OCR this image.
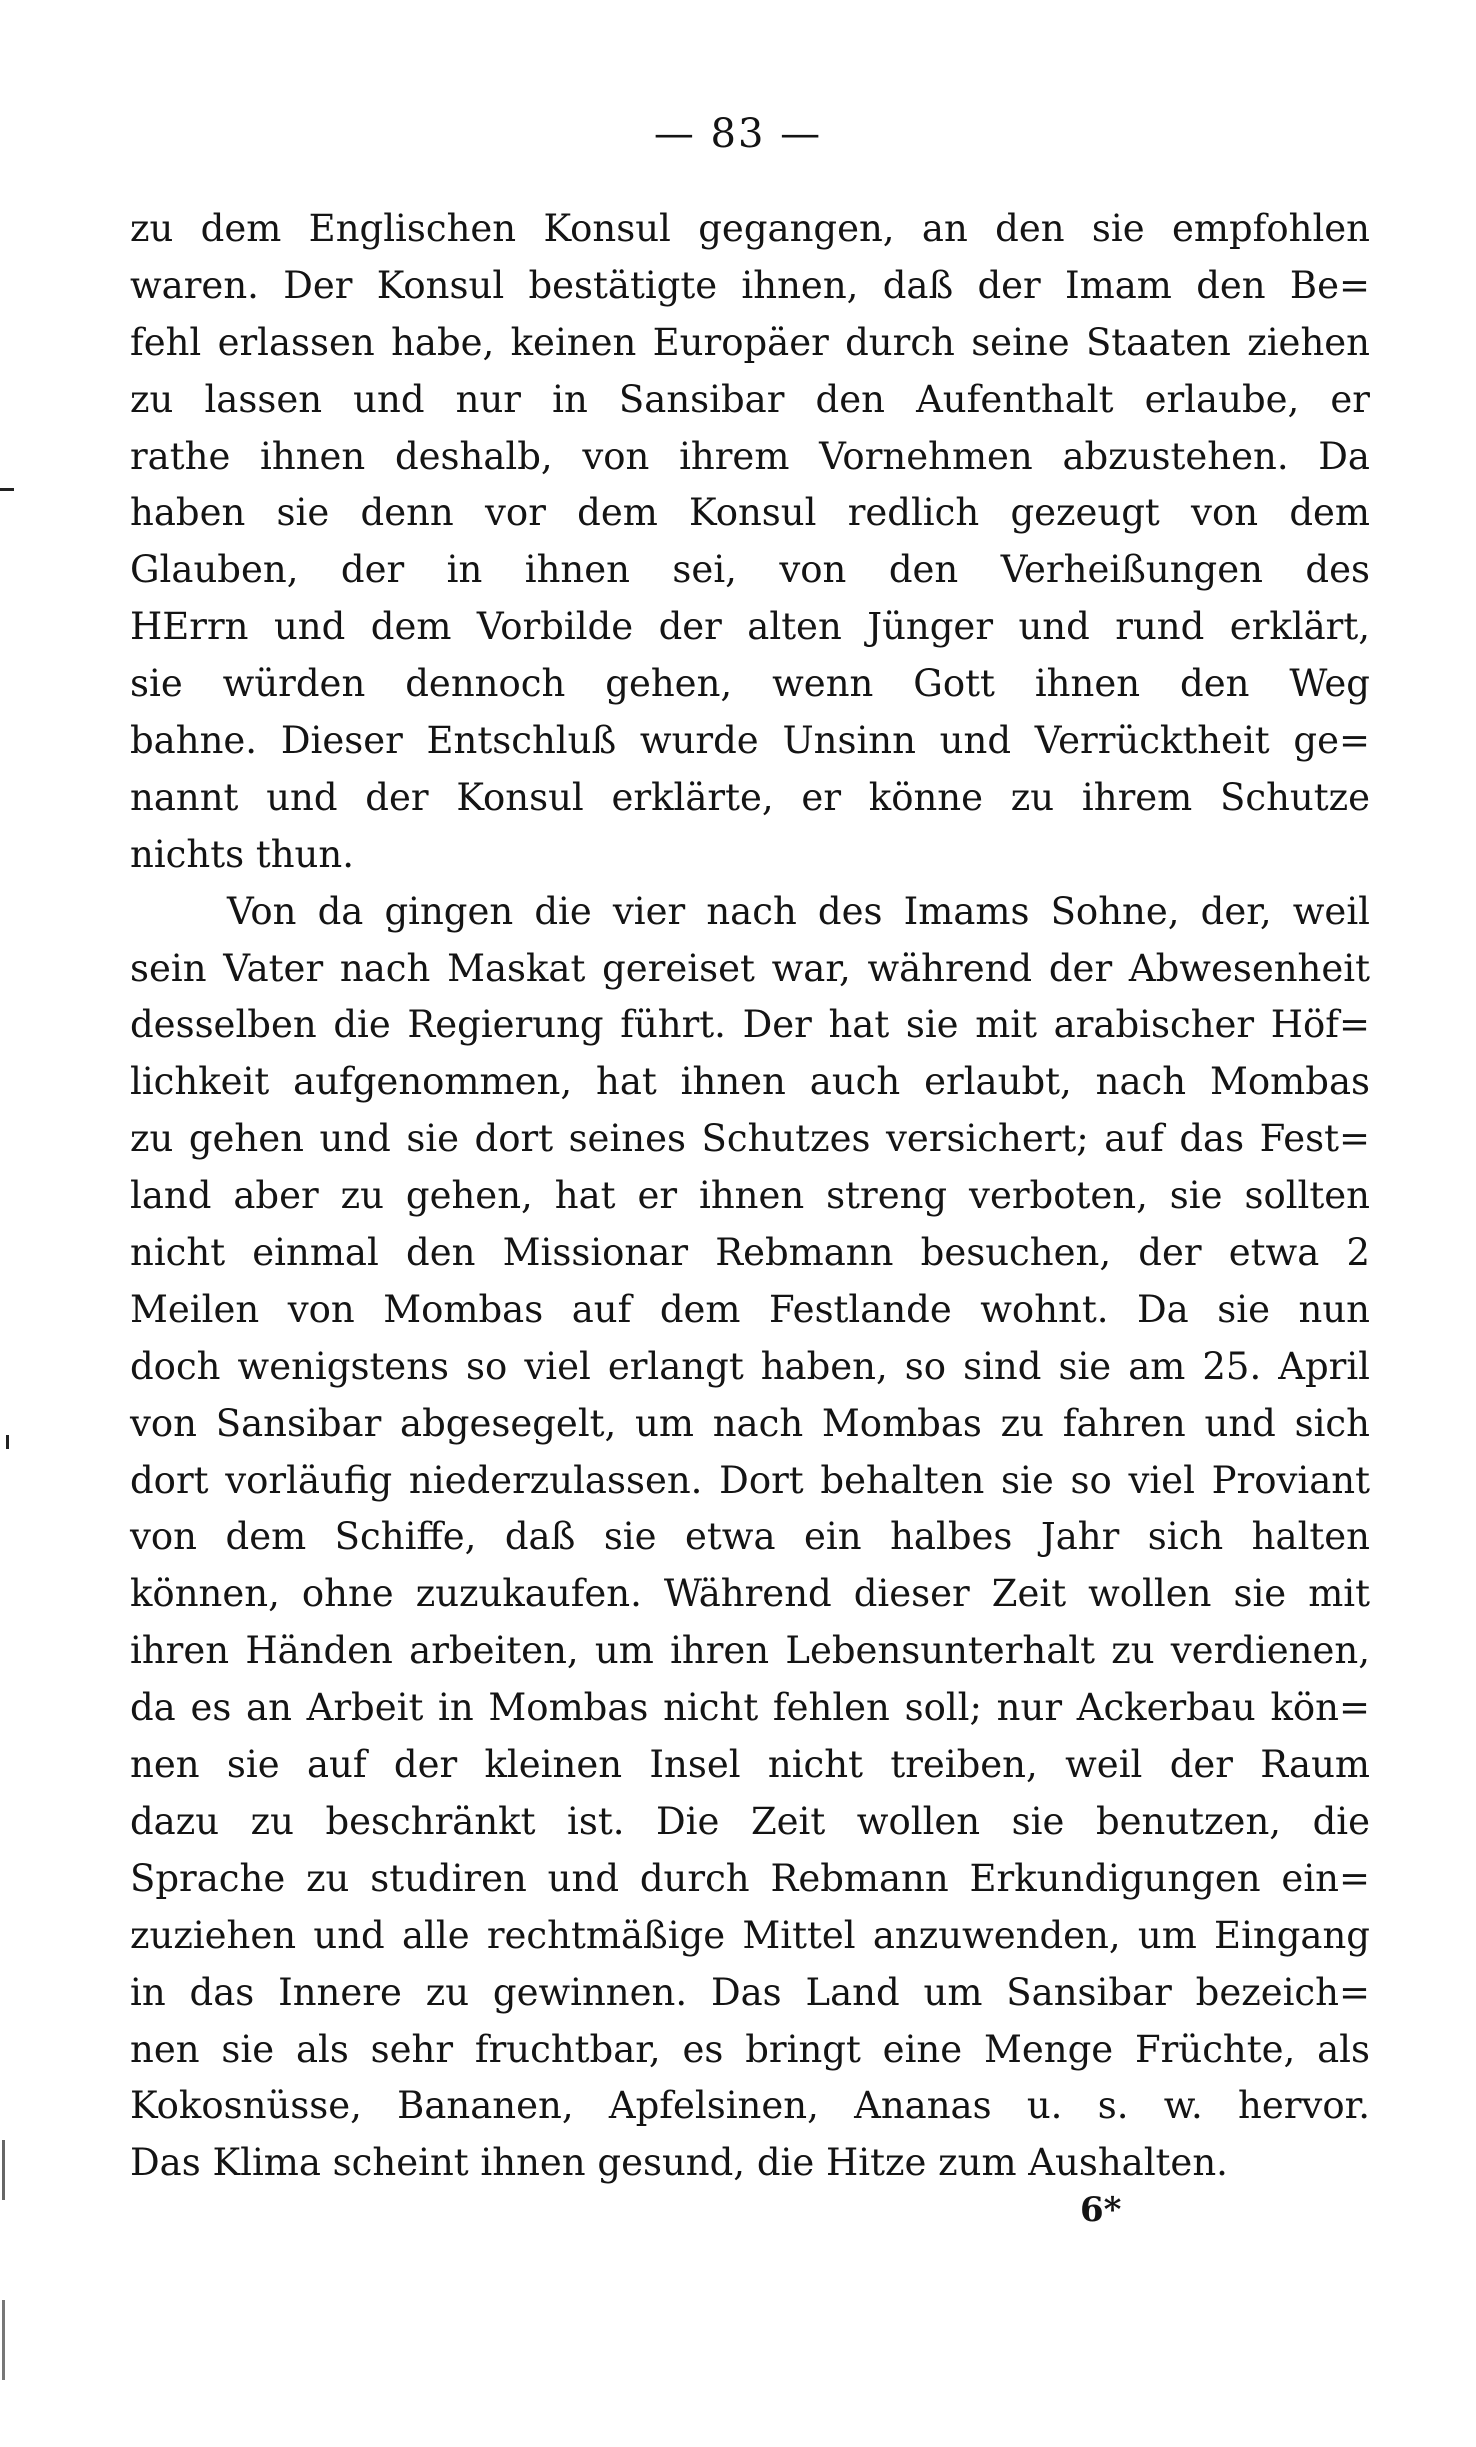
— 83 —
zu dem Englischen Konsul gegangen, an den sie empfohlen
waren. Der Konsul bestätigte ihnen, daß der Imam den Be=
fehl erlassen habe, keinen Europäer durch seine Staaten ziehen
zu lassen und nur in Sansibar den Aufenthalt erlaube, er
rathe ihnen deshalb, von ihrem Vornehmen abzustehen. Da
haben sie denn vor dem Konsul redlich gezeugt von dem
Glauben, der in ihnen sei, von den Verheißungen des
HErrn und dem Vorbilde der alten Jünger und rund erklärt,
sie würden dennoch gehen, wenn Gott ihnen den Weg
bahne. Dieser Entschluß wurde Unsinn und Verrücktheit ge=
nannt und der Konsul erklärte, er könne zu ihrem Schutze
nichts thun.
Von da gingen die vier nach des Imams Sohne, der, weil
sein Vater nach Maskat gereiset war, während der Abwesenheit
desselben die Regierung führt. Der hat sie mit arabischer Höf=
lichkeit aufgenommen, hat ihnen auch erlaubt, nach Mombas
zu gehen und sie dort seines Schutzes versichert; auf das Fest=
land aber zu gehen, hat er ihnen streng verboten, sie sollten
nicht einmal den Missionar Rebmann besuchen, der etwa 2
Meilen von Mombas auf dem Festlande wohnt. Da sie nun
doch wenigstens so viel erlangt haben, so sind sie am 25. April
von Sansibar abgesegelt, um nach Mombas zu fahren und sich
dort vorläufig niederzulassen. Dort behalten sie so viel Proviant
von dem Schiffe, daß sie etwa ein halbes Jahr sich halten
können, ohne zuzukaufen. Während dieser Zeit wollen sie mit
ihren Händen arbeiten, um ihren Lebensunterhalt zu verdienen,
da es an Arbeit in Mombas nicht fehlen soll; nur Ackerbau kön=
nen sie auf der kleinen Insel nicht treiben, weil der Raum
dazu zu beschränkt ist. Die Zeit wollen sie benutzen, die
Sprache zu studiren und durch Rebmann Erkundigungen ein=
zuziehen und alle rechtmäßige Mittel anzuwenden, um Eingang
in das Innere zu gewinnen. Das Land um Sansibar bezeich=
nen sie als sehr fruchtbar, es bringt eine Menge Früchte, als
Kokosnüsse, Bananen, Apfelsinen, Ananas u. s. w. hervor.
Das Klima scheint ihnen gesund, die Hitze zum Aushalten.
6*
